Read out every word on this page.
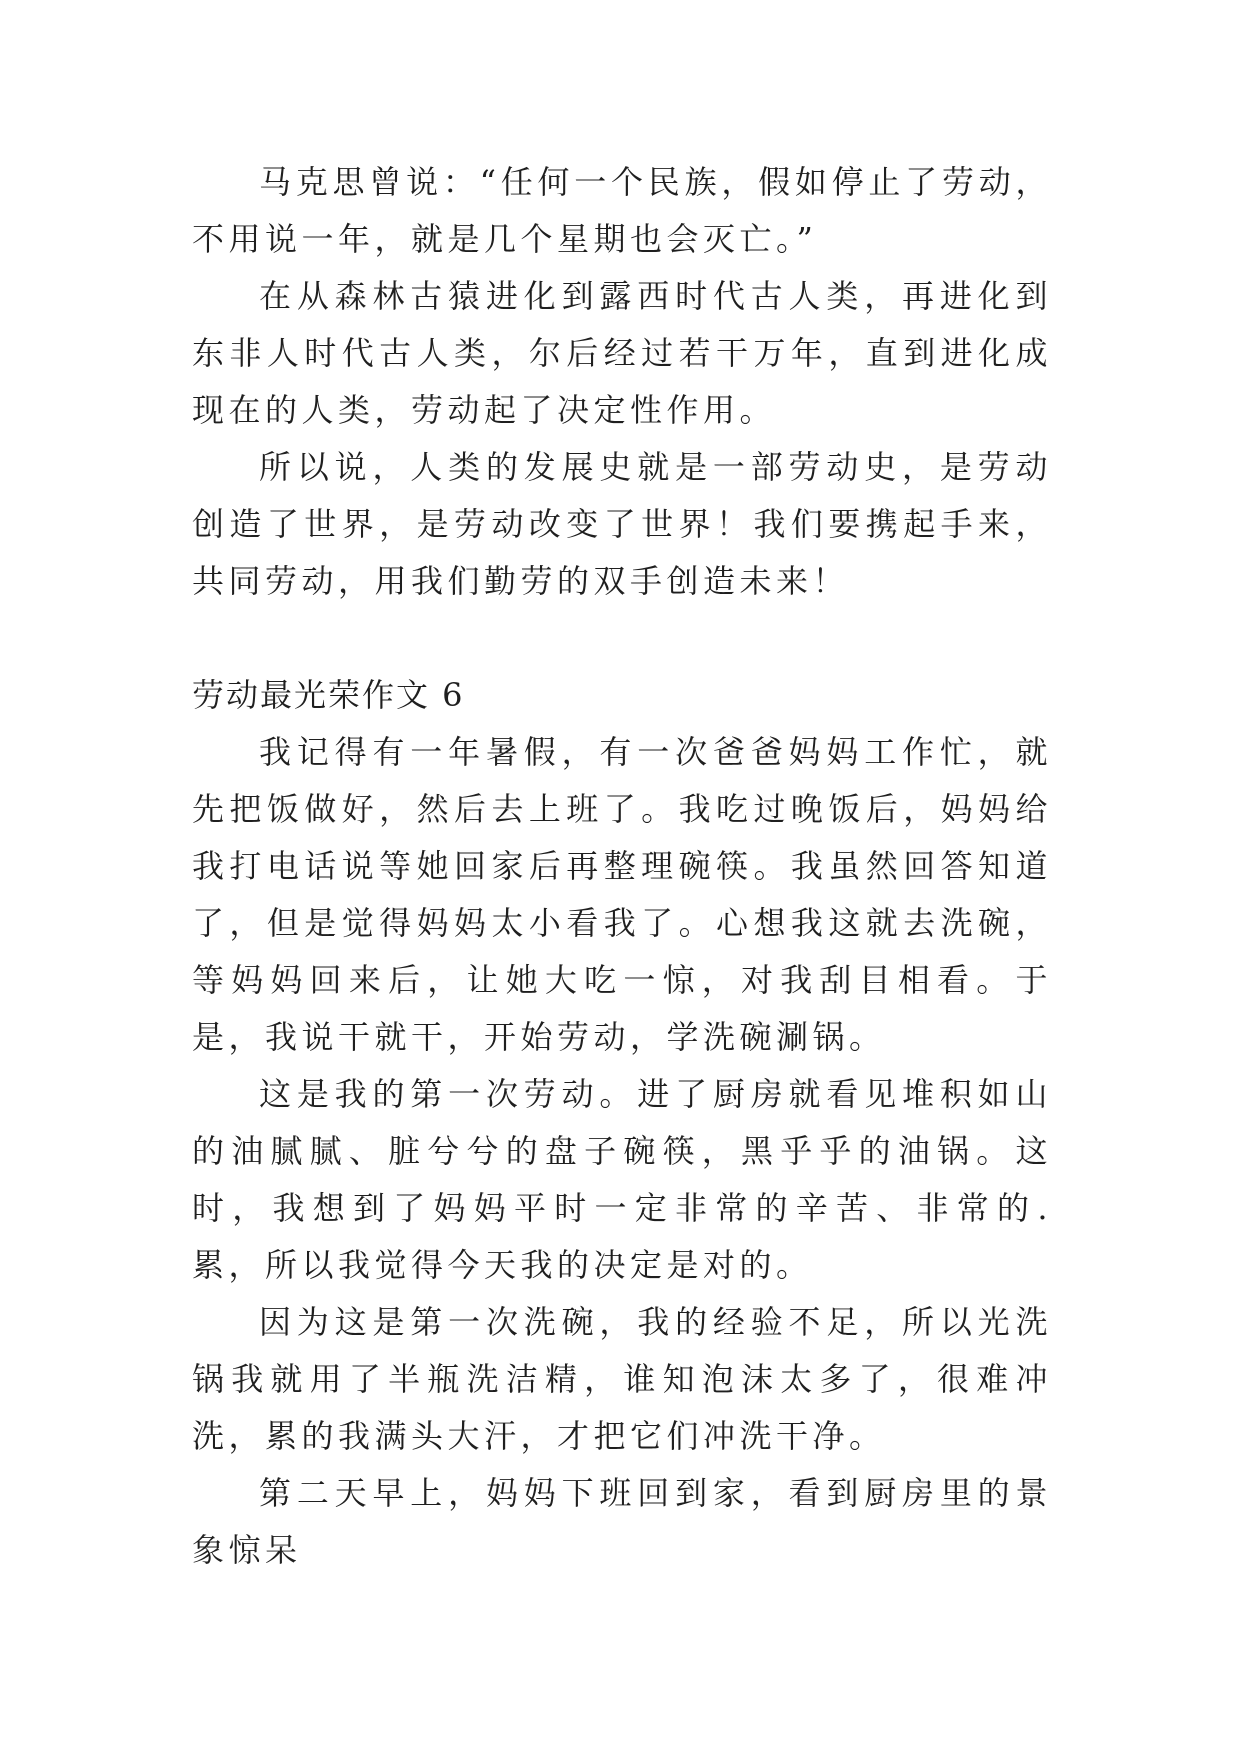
马克思曾说：“任何一个民族，假如停止了劳动，不用说一年，就是几个星期也会灭亡。”

在从森林古猿进化到露西时代古人类，再进化到东非人时代古人类，尔后经过若干万年，直到进化成现在的人类，劳动起了决定性作用。

所以说，人类的发展史就是一部劳动史，是劳动创造了世界，是劳动改变了世界！我们要携起手来，共同劳动，用我们勤劳的双手创造未来！

劳动最光荣作文 6

我记得有一年暑假，有一次爸爸妈妈工作忙，就先把饭做好，然后去上班了。我吃过晚饭后，妈妈给我打电话说等她回家后再整理碗筷。我虽然回答知道了，但是觉得妈妈太小看我了。心想我这就去洗碗，等妈妈回来后，让她大吃一惊，对我刮目相看。于是，我说干就干，开始劳动，学洗碗涮锅。

这是我的第一次劳动。进了厨房就看见堆积如山的油腻腻、脏兮兮的盘子碗筷，黑乎乎的油锅。这时，我想到了妈妈平时一定非常的辛苦、非常的. 累，所以我觉得今天我的决定是对的。

因为这是第一次洗碗，我的经验不足，所以光洗锅我就用了半瓶洗洁精，谁知泡沫太多了，很难冲洗，累的我满头大汗，才把它们冲洗干净。

第二天早上，妈妈下班回到家，看到厨房里的景象惊呆
